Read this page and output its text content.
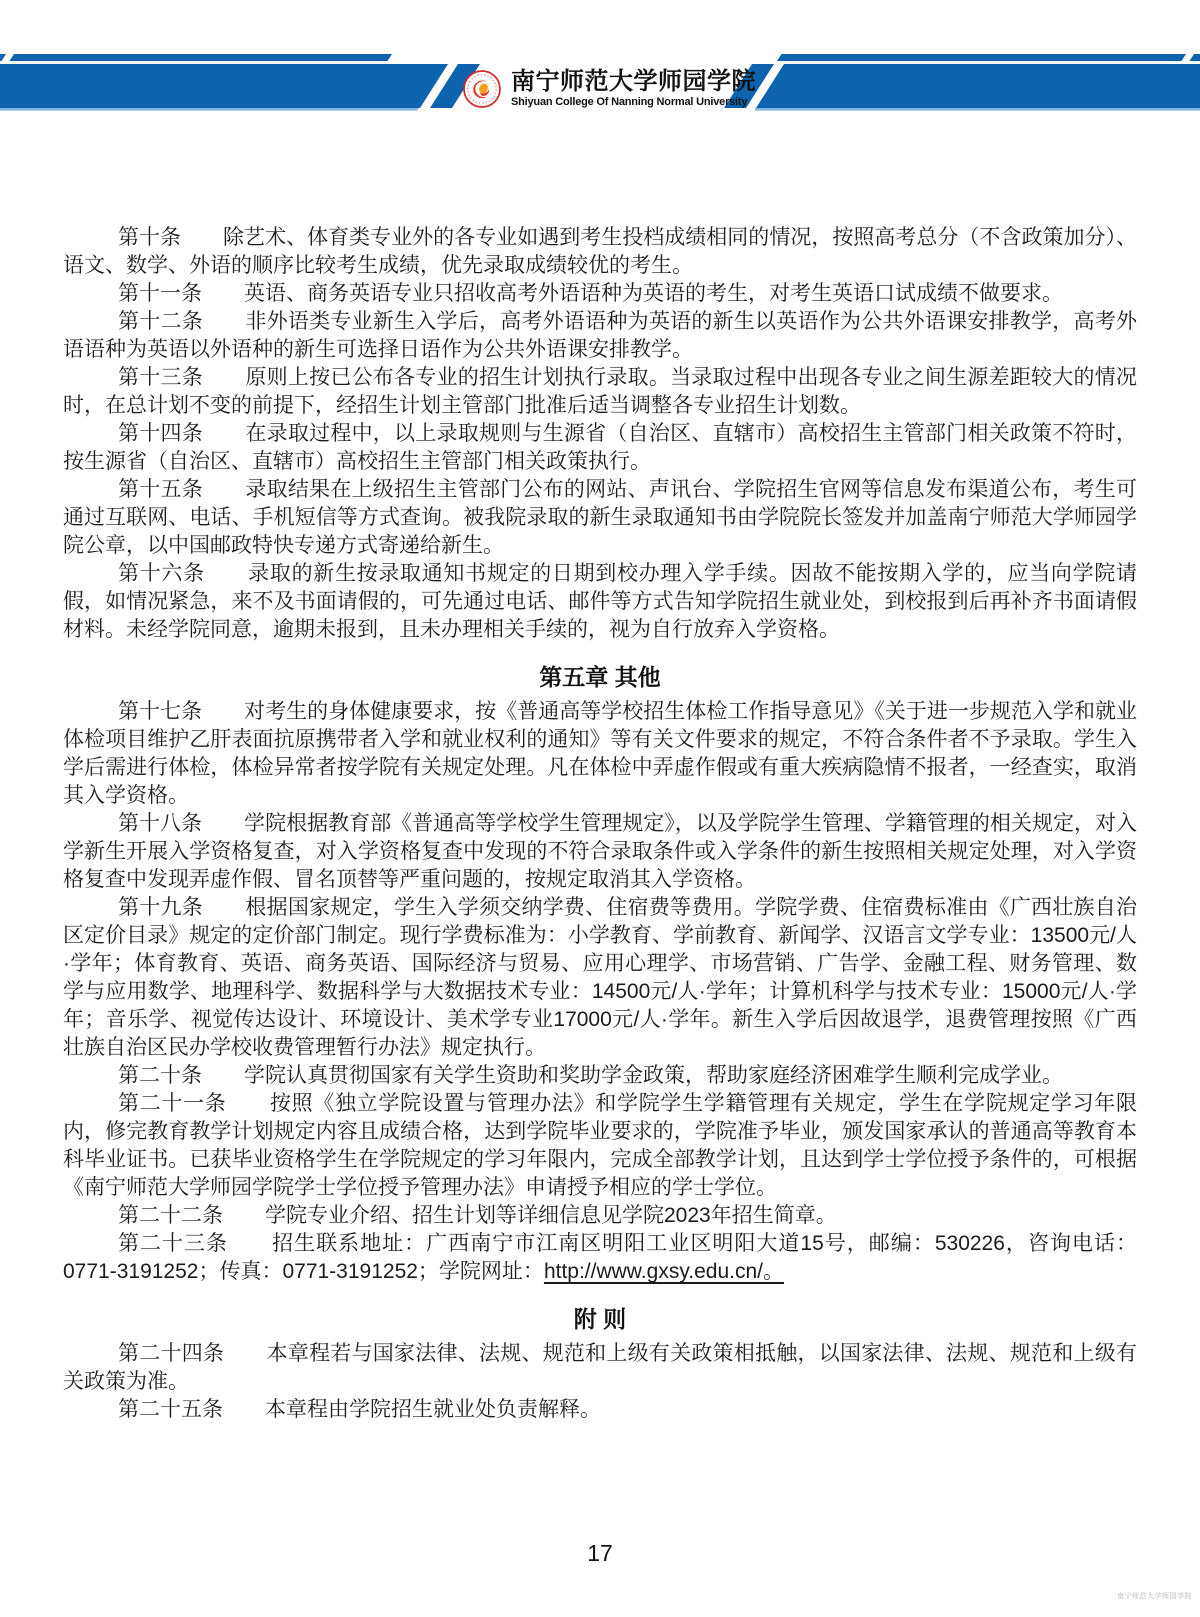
南宁师范大学师园学院
Shiyuan College Of Nanning Normal University

第十条　　除艺术、体育类专业外的各专业如遇到考生投档成绩相同的情况，按照高考总分（不含政策加分）、语文、数学、外语的顺序比较考生成绩，优先录取成绩较优的考生。

第十一条　　英语、商务英语专业只招收高考外语语种为英语的考生，对考生英语口试成绩不做要求。

第十二条　　非外语类专业新生入学后，高考外语语种为英语的新生以英语作为公共外语课安排教学，高考外语语种为英语以外语种的新生可选择日语作为公共外语课安排教学。

第十三条　　原则上按已公布各专业的招生计划执行录取。当录取过程中出现各专业之间生源差距较大的情况时，在总计划不变的前提下，经招生计划主管部门批准后适当调整各专业招生计划数。

第十四条　　在录取过程中，以上录取规则与生源省（自治区、直辖市）高校招生主管部门相关政策不符时，按生源省（自治区、直辖市）高校招生主管部门相关政策执行。

第十五条　　录取结果在上级招生主管部门公布的网站、声讯台、学院招生官网等信息发布渠道公布，考生可通过互联网、电话、手机短信等方式查询。被我院录取的新生录取通知书由学院院长签发并加盖南宁师范大学师园学院公章，以中国邮政特快专递方式寄递给新生。

第十六条　　录取的新生按录取通知书规定的日期到校办理入学手续。因故不能按期入学的，应当向学院请假，如情况紧急，来不及书面请假的，可先通过电话、邮件等方式告知学院招生就业处，到校报到后再补齐书面请假材料。未经学院同意，逾期未报到，且未办理相关手续的，视为自行放弃入学资格。

第五章 其他

第十七条　　对考生的身体健康要求，按《普通高等学校招生体检工作指导意见》《关于进一步规范入学和就业体检项目维护乙肝表面抗原携带者入学和就业权利的通知》等有关文件要求的规定，不符合条件者不予录取。学生入学后需进行体检，体检异常者按学院有关规定处理。凡在体检中弄虚作假或有重大疾病隐情不报者，一经查实，取消其入学资格。

第十八条　　学院根据教育部《普通高等学校学生管理规定》，以及学院学生管理、学籍管理的相关规定，对入学新生开展入学资格复查，对入学资格复查中发现的不符合录取条件或入学条件的新生按照相关规定处理，对入学资格复查中发现弄虚作假、冒名顶替等严重问题的，按规定取消其入学资格。

第十九条　　根据国家规定，学生入学须交纳学费、住宿费等费用。学院学费、住宿费标准由《广西壮族自治区定价目录》规定的定价部门制定。现行学费标准为：小学教育、学前教育、新闻学、汉语言文学专业：13500元/人·学年；体育教育、英语、商务英语、国际经济与贸易、应用心理学、市场营销、广告学、金融工程、财务管理、数学与应用数学、地理科学、数据科学与大数据技术专业：14500元/人·学年；计算机科学与技术专业：15000元/人·学年；音乐学、视觉传达设计、环境设计、美术学专业17000元/人·学年。新生入学后因故退学，退费管理按照《广西壮族自治区民办学校收费管理暂行办法》规定执行。

第二十条　　学院认真贯彻国家有关学生资助和奖助学金政策，帮助家庭经济困难学生顺利完成学业。

第二十一条　　按照《独立学院设置与管理办法》和学院学生学籍管理有关规定，学生在学院规定学习年限内，修完教育教学计划规定内容且成绩合格，达到学院毕业要求的，学院准予毕业，颁发国家承认的普通高等教育本科毕业证书。已获毕业资格学生在学院规定的学习年限内，完成全部教学计划，且达到学士学位授予条件的，可根据《南宁师范大学师园学院学士学位授予管理办法》申请授予相应的学士学位。

第二十二条　　学院专业介绍、招生计划等详细信息见学院2023年招生简章。

第二十三条　　招生联系地址：广西南宁市江南区明阳工业区明阳大道15号，邮编：530226，咨询电话：0771-3191252；传真：0771-3191252；学院网址：http://www.gxsy.edu.cn/。

附 则

第二十四条　　本章程若与国家法律、法规、规范和上级有关政策相抵触，以国家法律、法规、规范和上级有关政策为准。

第二十五条　　本章程由学院招生就业处负责解释。

17
南宁师范大学师园学院
